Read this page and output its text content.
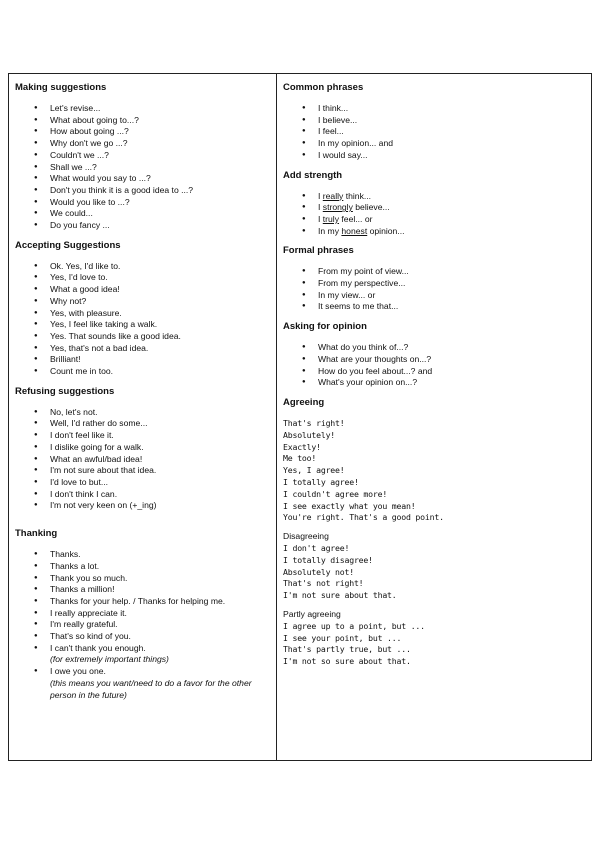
Making suggestions
● Let's revise...
● What about going to...?
● How about going ...?
● Why don't we go ...?
● Couldn't we ...?
● Shall we ...?
● What would you say to ...?
● Don't you think it is a good idea to ...?
● Would you like to ...?
● We could...
● Do you fancy ...
Accepting Suggestions
● Ok. Yes, I'd like to.
● Yes, I'd love to.
● What a good idea!
● Why not?
● Yes, with pleasure.
● Yes, I feel like taking a walk.
● Yes. That sounds like a good idea.
● Yes, that's not a bad idea.
● Brilliant!
● Count me in too.
Refusing suggestions
● No, let's not.
● Well, I'd rather do some...
● I don't feel like it.
● I dislike going for a walk.
● What an awful/bad idea!
● I'm not sure about that idea.
● I'd love to but...
● I don't think I can.
● I'm not very keen on (+_ing)
Thanking
● Thanks.
● Thanks a lot.
● Thank you so much.
● Thanks a million!
● Thanks for your help. / Thanks for helping me.
● I really appreciate it.
● I'm really grateful.
● That's so kind of you.
● I can't thank you enough.
(for extremely important things)
● I owe you one.
(this means you want/need to do a favor for the other person in the future)
Common phrases
● I think...
● I believe...
● I feel...
● In my opinion... and
● I would say...
Add strength
● I really think...
● I strongly believe...
● I truly feel... or
● In my honest opinion...
Formal phrases
● From my point of view...
● From my perspective...
● In my view... or
● It seems to me that...
Asking for opinion
● What do you think of...?
● What are your thoughts on...?
● How do you feel about...? and
● What's your opinion on...?
Agreeing
That's right!
Absolutely!
Exactly!
Me too!
Yes, I agree!
I totally agree!
I couldn't agree more!
I see exactly what you mean!
You're right. That's a good point.
Disagreeing
I don't agree!
I totally disagree!
Absolutely not!
That's not right!
I'm not sure about that.
Partly agreeing
I agree up to a point, but ...
I see your point, but ...
That's partly true, but ...
I'm not so sure about that.
